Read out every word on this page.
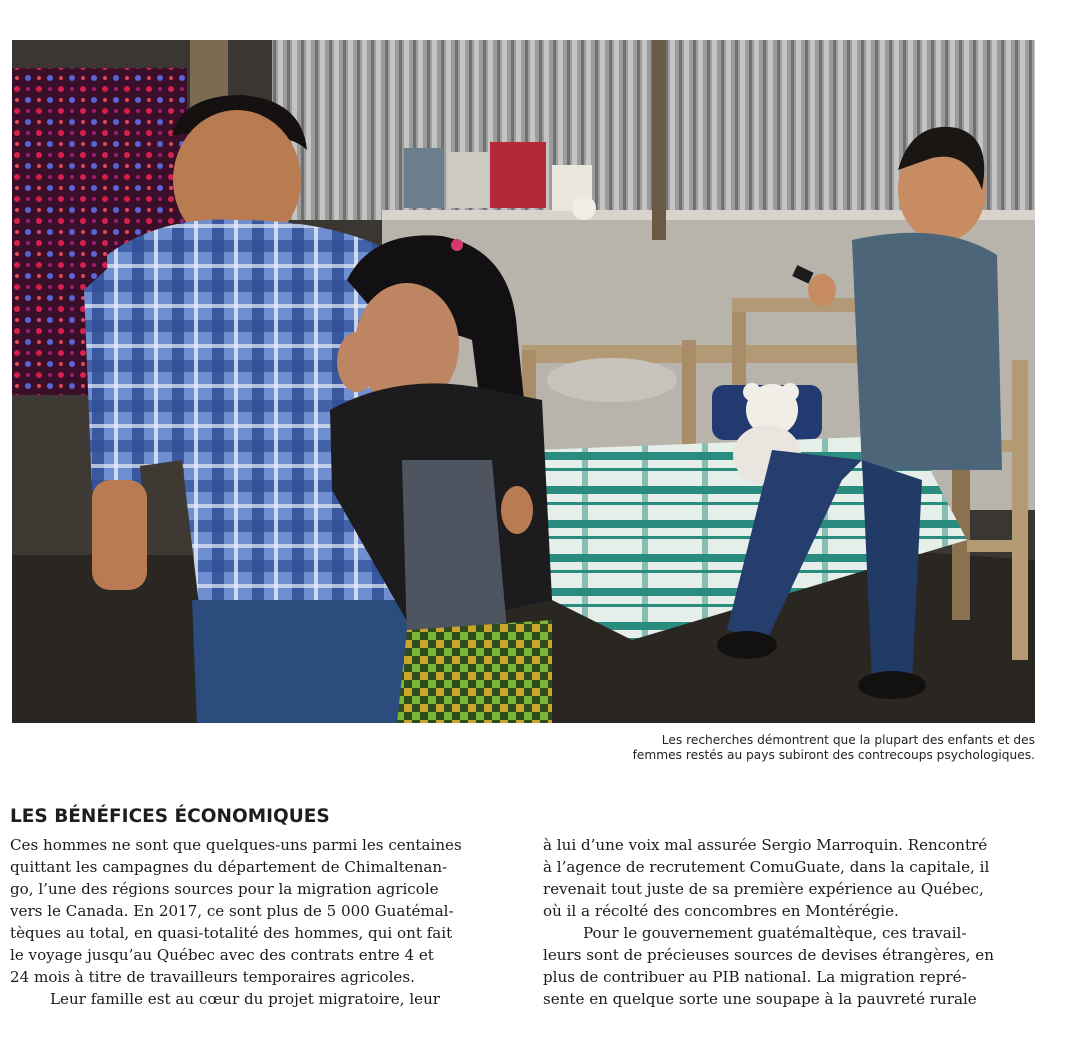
Les recherches démontrent que la plupart des enfants et des
femmes restés au pays subiront des contrecoups psychologiques.
LES BÉNÉFICES ÉCONOMIQUES
Ces hommes ne sont que quelques-uns parmi les centaines
quittant les campagnes du département de Chimaltenan-
go, l’une des régions sources pour la migration agricole
vers le Canada. En 2017, ce sont plus de 5 000 Guatémal-
tèques au total, en quasi-totalité des hommes, qui ont fait
le voyage jusqu’au Québec avec des contrats entre 4 et
24 mois à titre de travailleurs temporaires agricoles.
Leur famille est au cœur du projet migratoire, leur
à lui d’une voix mal assurée Sergio Marroquin. Rencontré
à l’agence de recrutement ComuGuate, dans la capitale, il
revenait tout juste de sa première expérience au Québec,
où il a récolté des concombres en Montérégie.
Pour le gouvernement guatémaltèque, ces travail-
leurs sont de précieuses sources de devises étrangères, en
plus de contribuer au PIB national. La migration repré-
sente en quelque sorte une soupape à la pauvreté rurale
